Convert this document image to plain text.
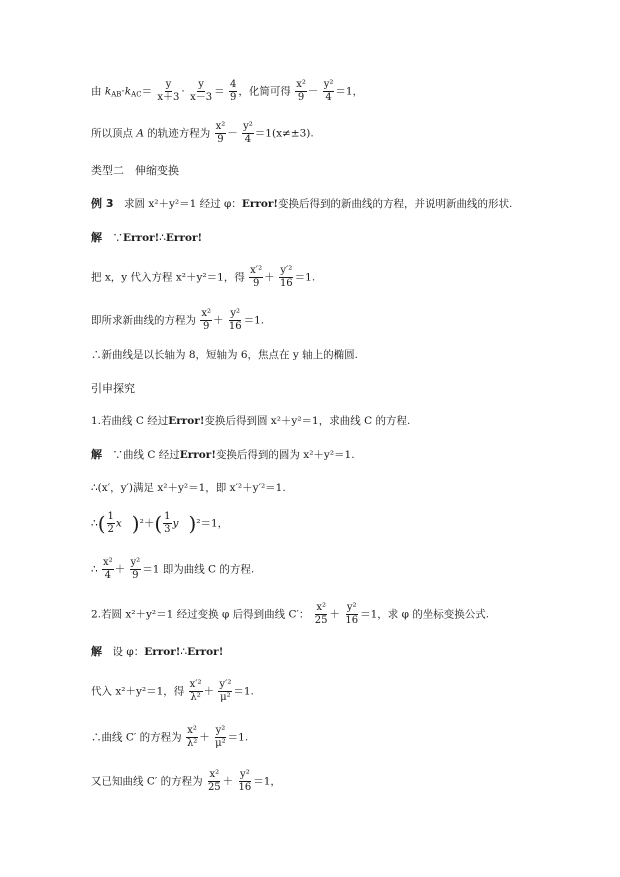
由 $k_{AB}\cdot k_{AC}= \frac{y}{x+3} \cdot \frac{y}{x-3} = \frac{4}{9}$ ，化简可得 $\frac{\text{x²}}{9} - \frac{\text{y²}}{4} =1$，
所以顶点 A 的轨迹方程为 $\frac{\text{x²}}{9} - \frac{\text{y²}}{4} =1(x\ne\pm 3)$.
类型二　伸缩变换
例 3　求圆 x²＋y²＝1 经过 φ：Error!变换后得到的新曲线的方程，并说明新曲线的形状.
解　∵Error!∴Error!
把 x，y 代入方程 x²＋y²＝1，得 $\frac{\text{x′²}}{9} + \frac{\text{y′²}}{16} =1$.
即所求新曲线的方程为 $\frac{\text{x²}}{9} + \frac{\text{y²}}{16} =1$.
∴新曲线是以长轴为 8，短轴为 6，焦点在 y 轴上的椭圆.
引申探究
1.若曲线 C 经过Error!变换后得到圆 x²＋y²＝1，求曲线 C 的方程.
解　∵曲线 C 经过Error!变换后得到的圆为 x²＋y²＝1.
∴(x′，y′)满足 x²＋y²＝1，即 x′²＋y′²＝1.
∴( $\frac{1}{2}$ x )$^2+( \frac{1}{3}$ y )²＝1，
∴ $\frac{\text{x²}}{4} + \frac{\text{y²}}{9} =1$ 即为曲线 C 的方程.
2.若圆 x²＋y²＝1 经过变换 φ 后得到曲线 C′： $\frac{\text{x²}}{25} + \frac{\text{y²}}{16} =1$，求 φ 的坐标变换公式.
解　设 φ：Error!∴Error!
代入 x²＋y²＝1，得 $\frac{\text{x′²}}{\text{λ²}} + \frac{\text{y′²}}{\text{μ²}} =1$.
∴曲线 C′ 的方程为 $\frac{\text{x²}}{\text{λ²}} + \frac{\text{y²}}{\text{μ²}} =1$.
又已知曲线 C′ 的方程为 $\frac{\text{x²}}{25} + \frac{\text{y²}}{16} =1$，
